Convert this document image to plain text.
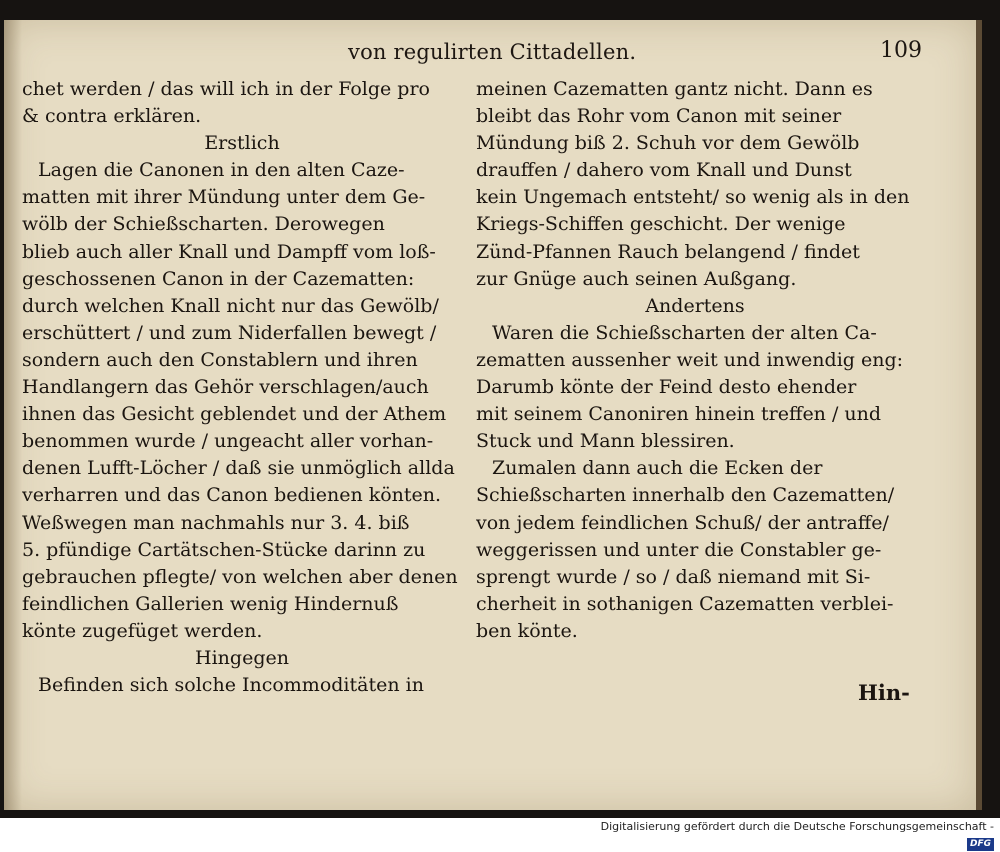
von regulirten Cittadellen.	109
chet werden / das will ich in der Folge pro
& contra erklären.
Erstlich
Lagen die Canonen in den alten Caze-
matten mit ihrer Mündung unter dem Ge-
wölb der Schießscharten. Derowegen
blieb auch aller Knall und Dampff vom loß-
geschossenen Canon in der Cazematten:
durch welchen Knall nicht nur das Gewölb/
erschüttert / und zum Niderfallen bewegt /
sondern auch den Constablern und ihren
Handlangern das Gehör verschlagen/auch
ihnen das Gesicht geblendet und der Athem
benommen wurde / ungeacht aller vorhan-
denen Lufft-Löcher / daß sie unmöglich allda
verharren und das Canon bedienen könten.
Weßwegen man nachmahls nur 3. 4. biß
5. pfündige Cartätschen-Stücke darinn zu
gebrauchen pflegte/ von welchen aber denen
feindlichen Gallerien wenig Hindernuß
könte zugefüget werden.
Hingegen
Befinden sich solche Incommoditäten in
meinen Cazematten gantz nicht. Dann es
bleibt das Rohr vom Canon mit seiner
Mündung biß 2. Schuh vor dem Gewölb
drauffen / dahero vom Knall und Dunst
kein Ungemach entsteht/ so wenig als in den
Kriegs-Schiffen geschicht. Der wenige
Zünd-Pfannen Rauch belangend / findet
zur Gnüge auch seinen Außgang.
Andertens
Waren die Schießscharten der alten Ca-
zematten aussenher weit und inwendig eng:
Darumb könte der Feind desto ehender
mit seinem Canoniren hinein treffen / und
Stuck und Mann blessiren.
Zumalen dann auch die Ecken der
Schießscharten innerhalb den Cazematten/
von jedem feindlichen Schuß/ der antraffe/
weggerissen und unter die Constabler ge-
sprengt wurde / so / daß niemand mit Si-
cherheit in sothanigen Cazematten verblei-
ben könte.
Hin-
Digitalisierung gefördert durch die Deutsche Forschungsgemeinschaft - DFG
